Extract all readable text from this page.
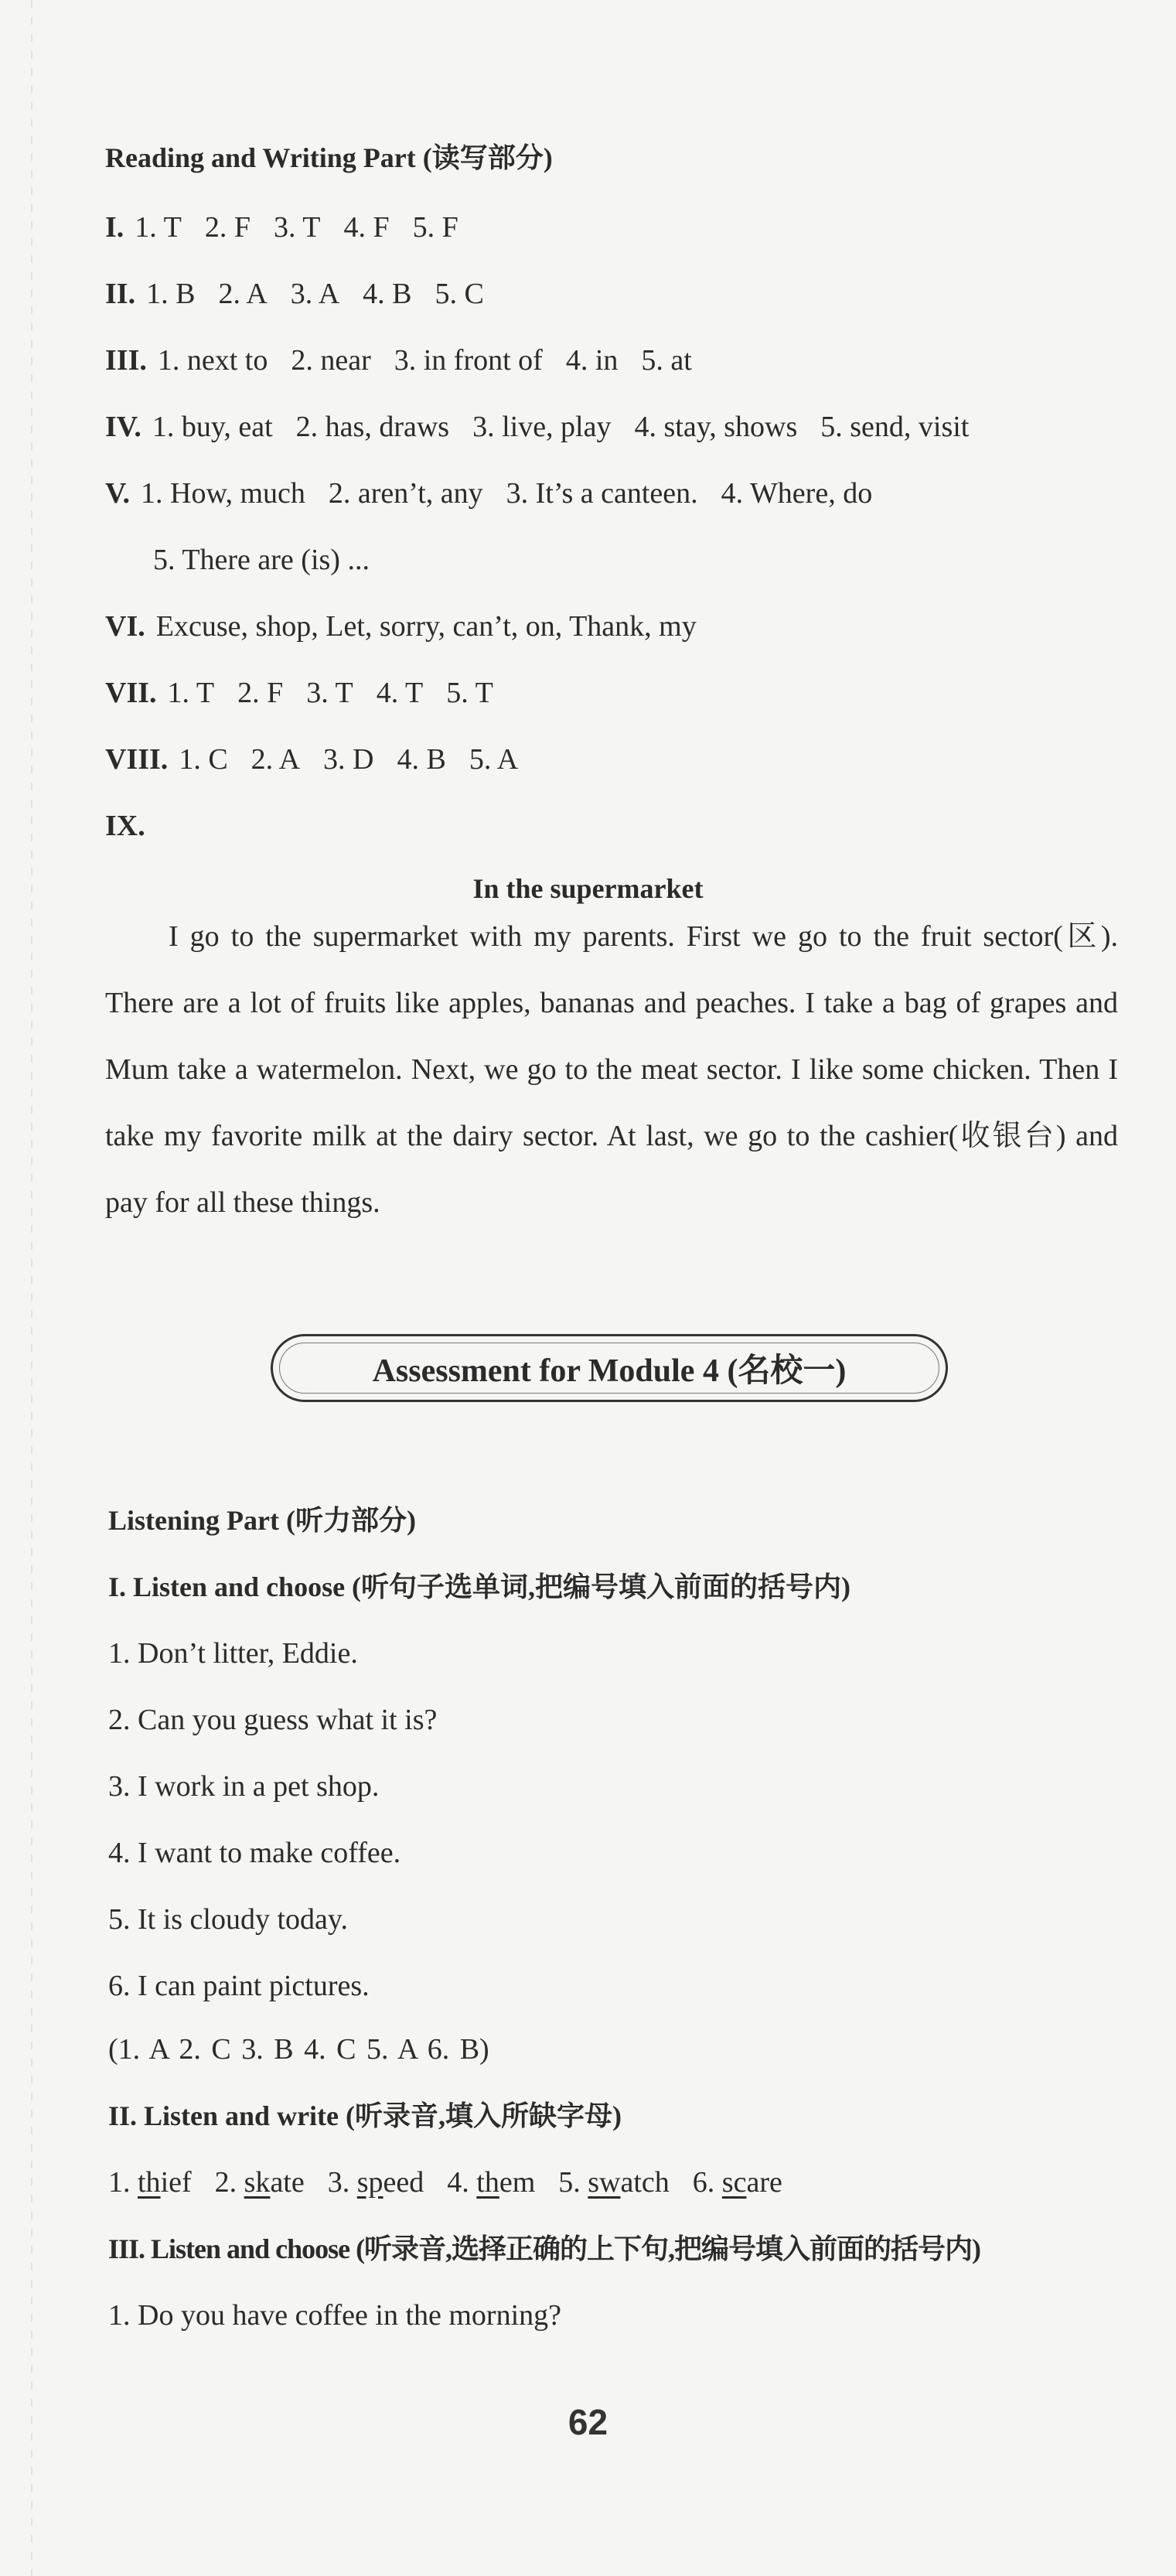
Reading and Writing Part (读写部分)
I. 1. T 2. F 3. T 4. F 5. F
II. 1. B 2. A 3. A 4. B 5. C
III. 1. next to 2. near 3. in front of 4. in 5. at
IV. 1. buy, eat 2. has, draws 3. live, play 4. stay, shows 5. send, visit
V. 1. How, much 2. aren’t, any 3. It’s a canteen. 4. Where, do
5. There are (is) ...
VI. Excuse, shop, Let, sorry, can’t, on, Thank, my
VII. 1. T 2. F 3. T 4. T 5. T
VIII. 1. C 2. A 3. D 4. B 5. A
IX.
In the supermarket
I go to the supermarket with my parents. First we go to the fruit sector(区). There are a lot of fruits like apples, bananas and peaches. I take a bag of grapes and Mum take a watermelon. Next, we go to the meat sector. I like some chicken. Then I take my favorite milk at the dairy sector. At last, we go to the cashier(收银台) and pay for all these things.
Assessment for Module 4 (名校一)
Listening Part (听力部分)
I. Listen and choose (听句子选单词,把编号填入前面的括号内)
1. Don’t litter, Eddie.
2. Can you guess what it is?
3. I work in a pet shop.
4. I want to make coffee.
5. It is cloudy today.
6. I can paint pictures.
(1. A 2. C 3. B 4. C 5. A 6. B)
II. Listen and write (听录音,填入所缺字母)
1. thief 2. skate 3. speed 4. them 5. swatch 6. scare
III. Listen and choose (听录音,选择正确的上下句,把编号填入前面的括号内)
1. Do you have coffee in the morning?
62
